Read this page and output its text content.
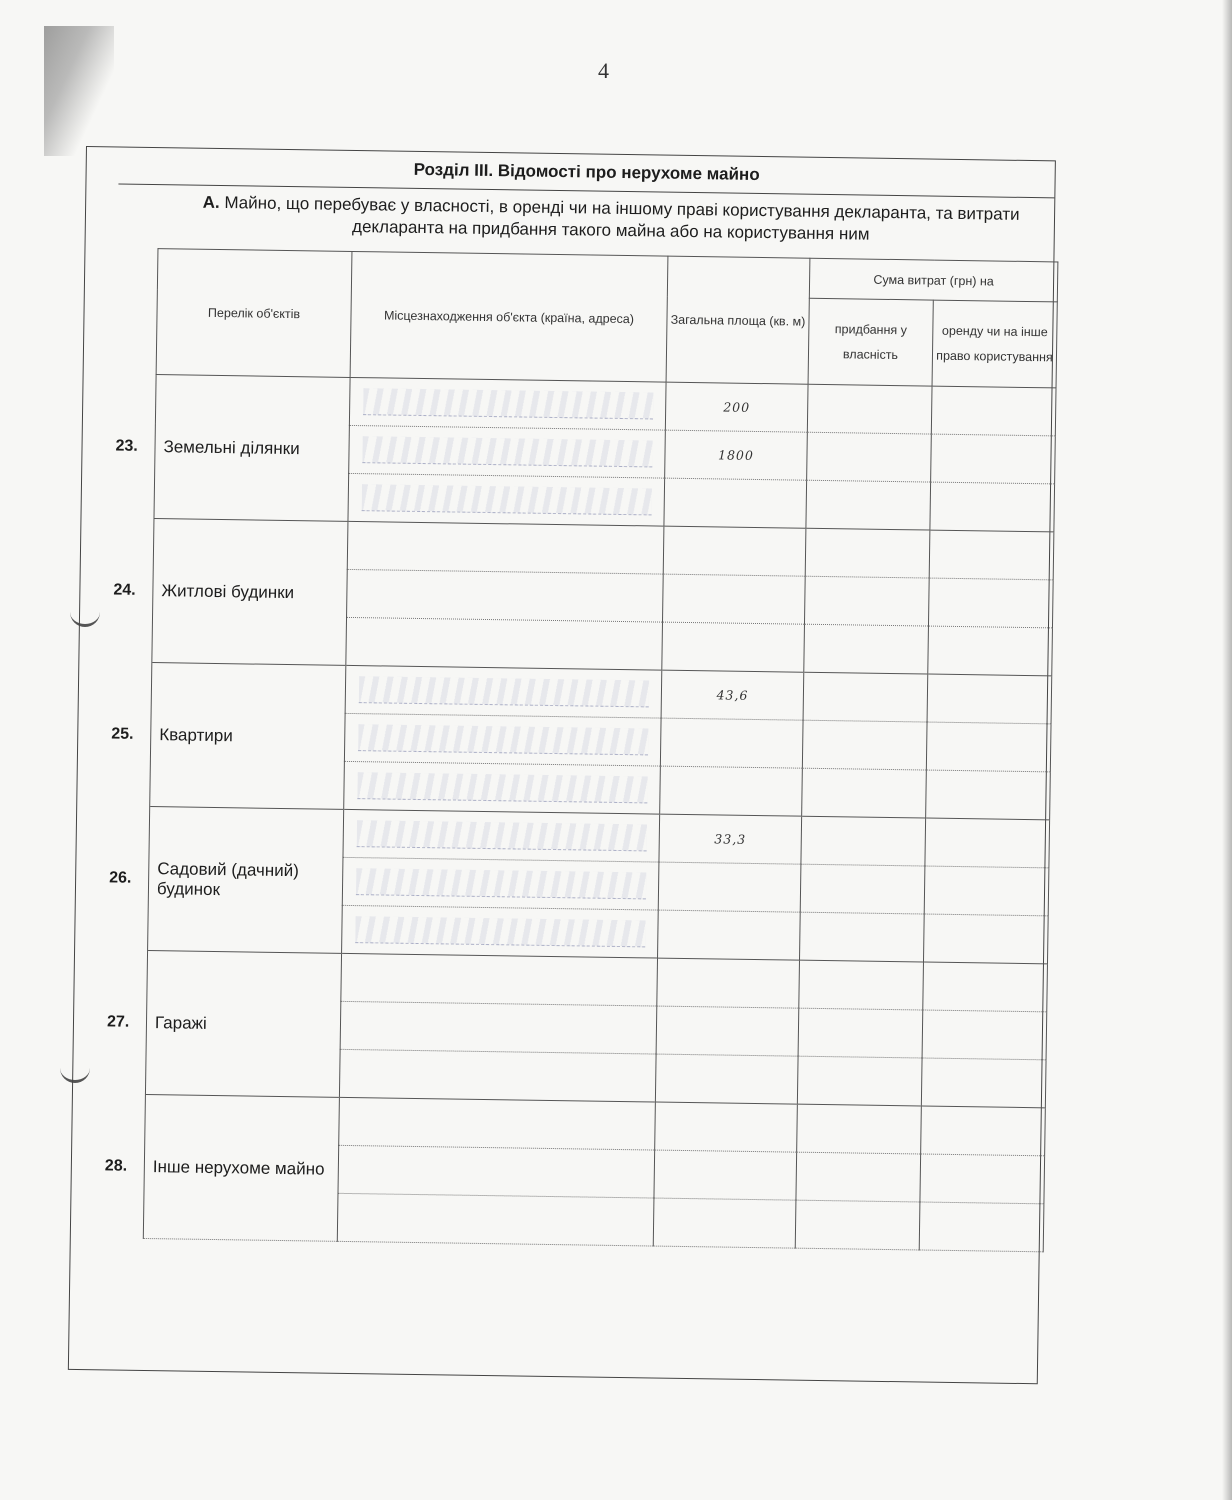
4
Розділ III. Відомості про нерухоме майно
А. Майно, що перебуває у власності, в оренді чи на іншому праві користування декларанта, та витрати декларанта на придбання такого майна або на користування ним
Перелік об'єктів	Місцезнаходження об'єкта (країна, адреса)	Загальна площа (кв. м)	Сума витрат (грн) на	
			придбання у власність	оренду чи на інше право користування

23. Земельні ділянки		200		

		1800		

24. Житлові будинки				

25. Квартири		43,6		

26. Садовий (дачний) будинок		33,3		

27. Гаражі				

28. Інше нерухоме майно				
